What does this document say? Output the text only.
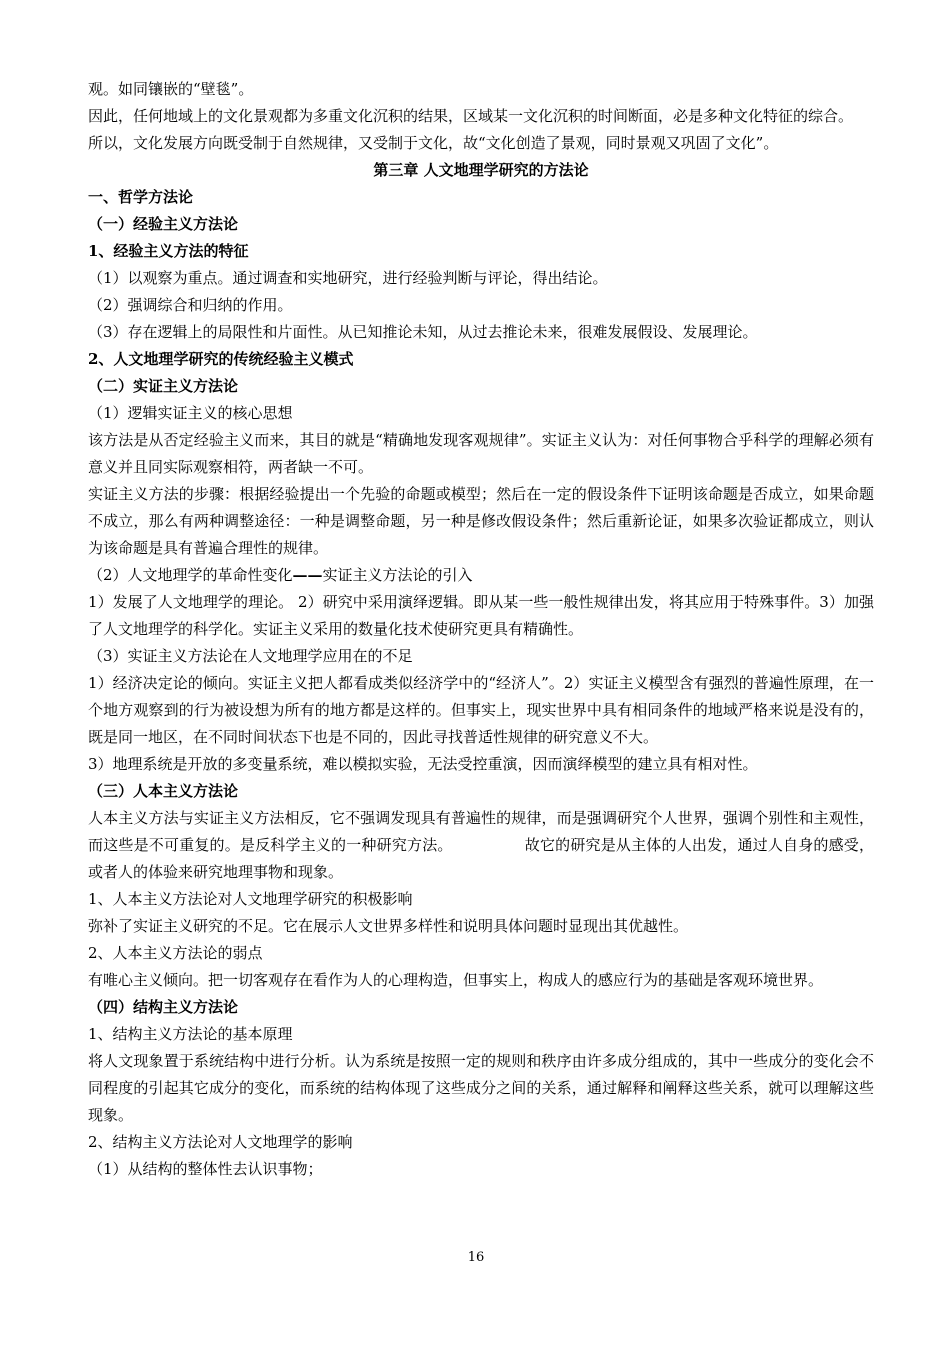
观。如同镶嵌的“壁毯”。

因此，任何地域上的文化景观都为多重文化沉积的结果，区域某一文化沉积的时间断面，必是多种文化特征的综合。

所以，文化发展方向既受制于自然规律，又受制于文化，故“文化创造了景观，同时景观又巩固了文化”。

第三章 人文地理学研究的方法论

一、哲学方法论

（一）经验主义方法论

1、经验主义方法的特征

（1） 以观察为重点。通过调查和实地研究，进行经验判断与评论，得出结论。
（2） 强调综合和归纳的作用。
（3） 存在逻辑上的局限性和片面性。从已知推论未知，从过去推论未来，很难发展假设、发展理论。

2、人文地理学研究的传统经验主义模式

（二）实证主义方法论

（1）逻辑实证主义的核心思想

该方法是从否定经验主义而来，其目的就是“精确地发现客观规律”。实证主义认为：对任何事物合乎科学的理解必须有意义并且同实际观察相符，两者缺一不可。

实证主义方法的步骤：根据经验提出一个先验的命题或模型；然后在一定的假设条件下证明该命题是否成立，如果命题不成立，那么有两种调整途径：一种是调整命题，另一种是修改假设条件；然后重新论证，如果多次验证都成立，则认为该命题是具有普遍合理性的规律。

（2）人文地理学的革命性变化——实证主义方法论的引入

1）发展了人文地理学的理论。 2）研究中采用演绎逻辑。即从某一些一般性规律出发，将其应用于特殊事件。3）加强了人文地理学的科学化。实证主义采用的数量化技术使研究更具有精确性。

（3）实证主义方法论在人文地理学应用在的不足

1）经济决定论的倾向。实证主义把人都看成类似经济学中的“经济人”。2）实证主义模型含有强烈的普遍性原理，在一个地方观察到的行为被设想为所有的地方都是这样的。但事实上，现实世界中具有相同条件的地域严格来说是没有的，既是同一地区，在不同时间状态下也是不同的，因此寻找普适性规律的研究意义不大。

3）地理系统是开放的多变量系统，难以模拟实验，无法受控重演，因而演绎模型的建立具有相对性。

（三）人本主义方法论

人本主义方法与实证主义方法相反，它不强调发现具有普遍性的规律，而是强调研究个人世界，强调个别性和主观性，而这些是不可重复的。是反科学主义的一种研究方法。	故它的研究是从主体的人出发，通过人自身的感受，或者人的体验来研究地理事物和现象。

1、人本主义方法论对人文地理学研究的积极影响

弥补了实证主义研究的不足。它在展示人文世界多样性和说明具体问题时显现出其优越性。

2、人本主义方法论的弱点

有唯心主义倾向。把一切客观存在看作为人的心理构造，但事实上，构成人的感应行为的基础是客观环境世界。

（四）结构主义方法论

1、结构主义方法论的基本原理

将人文现象置于系统结构中进行分析。认为系统是按照一定的规则和秩序由许多成分组成的，其中一些成分的变化会不同程度的引起其它成分的变化，而系统的结构体现了这些成分之间的关系，通过解释和阐释这些关系，就可以理解这些现象。

2、结构主义方法论对人文地理学的影响

（1）从结构的整体性去认识事物；

16
